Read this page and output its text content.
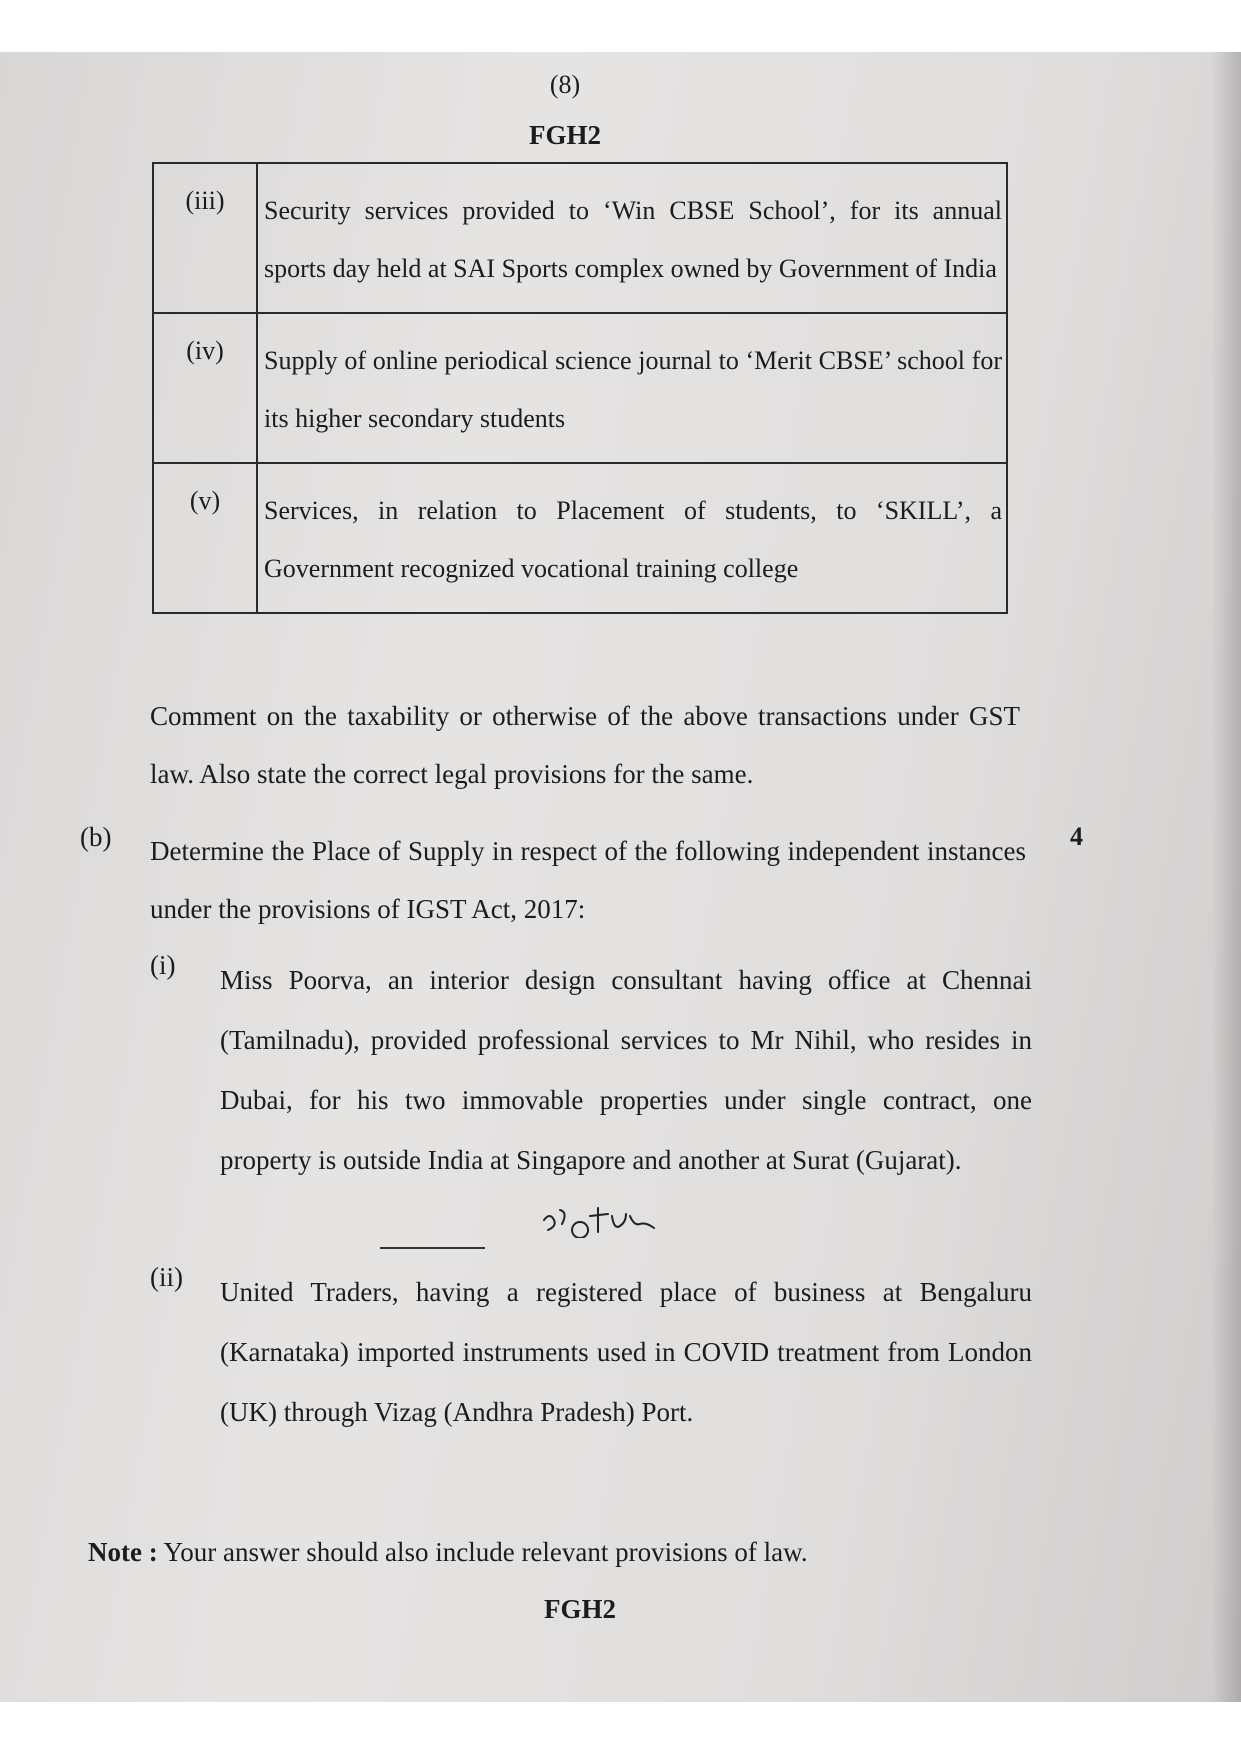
(8)
FGH2
(iii)	Security services provided to ‘Win CBSE School’, for its annual sports day held at SAI Sports complex owned by Government of India
(iv)	Supply of online periodical science journal to ‘Merit CBSE’ school for its higher secondary students
(v)	Services, in relation to Placement of students, to ‘SKILL’, a Government recognized vocational training college
Comment on the taxability or otherwise of the above transactions under GST law. Also state the correct legal provisions for the same.
(b) Determine the Place of Supply in respect of the following independent instances under the provisions of IGST Act, 2017:
4
(i) Miss Poorva, an interior design consultant having office at Chennai (Tamilnadu), provided professional services to Mr Nihil, who resides in Dubai, for his two immovable properties under single contract, one property is outside India at Singapore and another at Surat (Gujarat).
(ii) United Traders, having a registered place of business at Bengaluru (Karnataka) imported instruments used in COVID treatment from London (UK) through Vizag (Andhra Pradesh) Port.
Note : Your answer should also include relevant provisions of law.
FGH2
